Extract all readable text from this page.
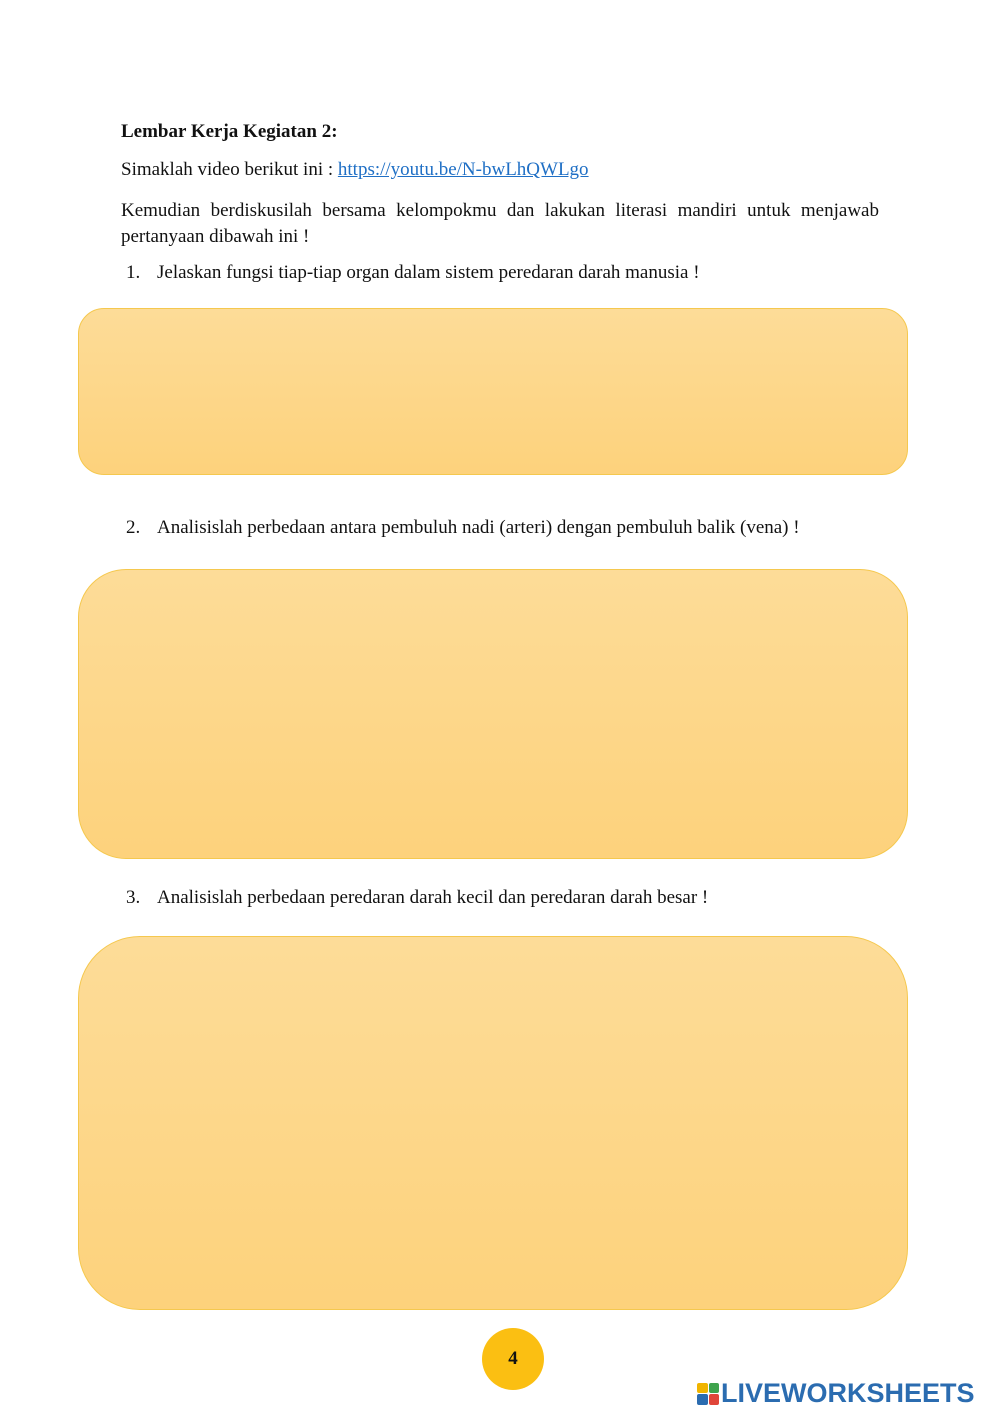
Lembar Kerja Kegiatan 2:
Simaklah video berikut ini : https://youtu.be/N-bwLhQWLgo
Kemudian berdiskusilah bersama kelompokmu dan lakukan literasi mandiri untuk menjawab pertanyaan dibawah ini !
1. Jelaskan fungsi tiap-tiap organ dalam sistem peredaran darah manusia !
2. Analisislah perbedaan antara pembuluh nadi (arteri) dengan pembuluh balik (vena) !
3. Analisislah perbedaan peredaran darah kecil dan peredaran darah besar !
4
LIVEWORKSHEETS
